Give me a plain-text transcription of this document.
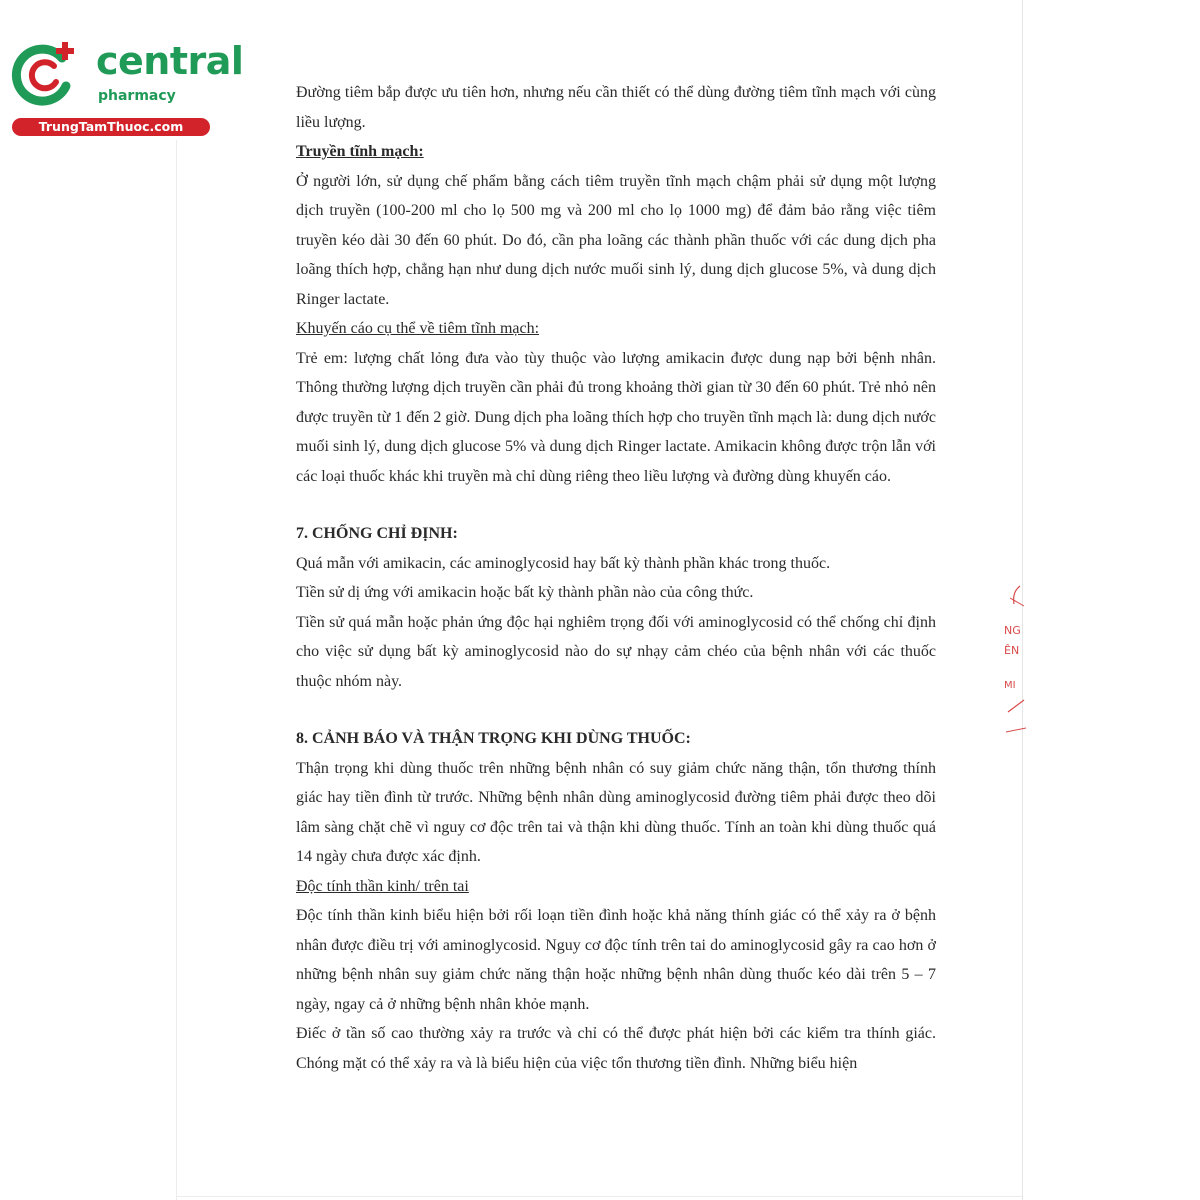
central
pharmacy
TrungTamThuoc.com

Đường tiêm bắp được ưu tiên hơn, nhưng nếu cần thiết có thể dùng đường tiêm tĩnh mạch với cùng liều lượng.

Truyền tĩnh mạch:

Ở người lớn, sử dụng chế phẩm bằng cách tiêm truyền tĩnh mạch chậm phải sử dụng một lượng dịch truyền (100-200 ml cho lọ 500 mg và 200 ml cho lọ 1000 mg) để đảm bảo rằng việc tiêm truyền kéo dài 30 đến 60 phút. Do đó, cần pha loãng các thành phần thuốc với các dung dịch pha loãng thích hợp, chẳng hạn như dung dịch nước muối sinh lý, dung dịch glucose 5%, và dung dịch Ringer lactate.

Khuyến cáo cụ thể về tiêm tĩnh mạch:

Trẻ em: lượng chất lỏng đưa vào tùy thuộc vào lượng amikacin được dung nạp bởi bệnh nhân. Thông thường lượng dịch truyền cần phải đủ trong khoảng thời gian từ 30 đến 60 phút. Trẻ nhỏ nên được truyền từ 1 đến 2 giờ. Dung dịch pha loãng thích hợp cho truyền tĩnh mạch là: dung dịch nước muối sinh lý, dung dịch glucose 5% và dung dịch Ringer lactate. Amikacin không được trộn lẫn với các loại thuốc khác khi truyền mà chỉ dùng riêng theo liều lượng và đường dùng khuyến cáo.

7. CHỐNG CHỈ ĐỊNH:

Quá mẫn với amikacin, các aminoglycosid hay bất kỳ thành phần khác trong thuốc.

Tiền sử dị ứng với amikacin hoặc bất kỳ thành phần nào của công thức.

Tiền sử quá mẫn hoặc phản ứng độc hại nghiêm trọng đối với aminoglycosid có thể chống chỉ định cho việc sử dụng bất kỳ aminoglycosid nào do sự nhạy cảm chéo của bệnh nhân với các thuốc thuộc nhóm này.

8. CẢNH BÁO VÀ THẬN TRỌNG KHI DÙNG THUỐC:

Thận trọng khi dùng thuốc trên những bệnh nhân có suy giảm chức năng thận, tổn thương thính giác hay tiền đình từ trước. Những bệnh nhân dùng aminoglycosid đường tiêm phải được theo dõi lâm sàng chặt chẽ vì nguy cơ độc trên tai và thận khi dùng thuốc. Tính an toàn khi dùng thuốc quá 14 ngày chưa được xác định.

Độc tính thần kinh/ trên tai

Độc tính thần kinh biểu hiện bởi rối loạn tiền đình hoặc khả năng thính giác có thể xảy ra ở bệnh nhân được điều trị với aminoglycosid. Nguy cơ độc tính trên tai do aminoglycosid gây ra cao hơn ở những bệnh nhân suy giảm chức năng thận hoặc những bệnh nhân dùng thuốc kéo dài trên 5 – 7 ngày, ngay cả ở những bệnh nhân khỏe mạnh.

Điếc ở tần số cao thường xảy ra trước và chỉ có thể được phát hiện bởi các kiểm tra thính giác. Chóng mặt có thể xảy ra và là biểu hiện của việc tổn thương tiền đình. Những biểu hiện

NG
ÊN
MI
